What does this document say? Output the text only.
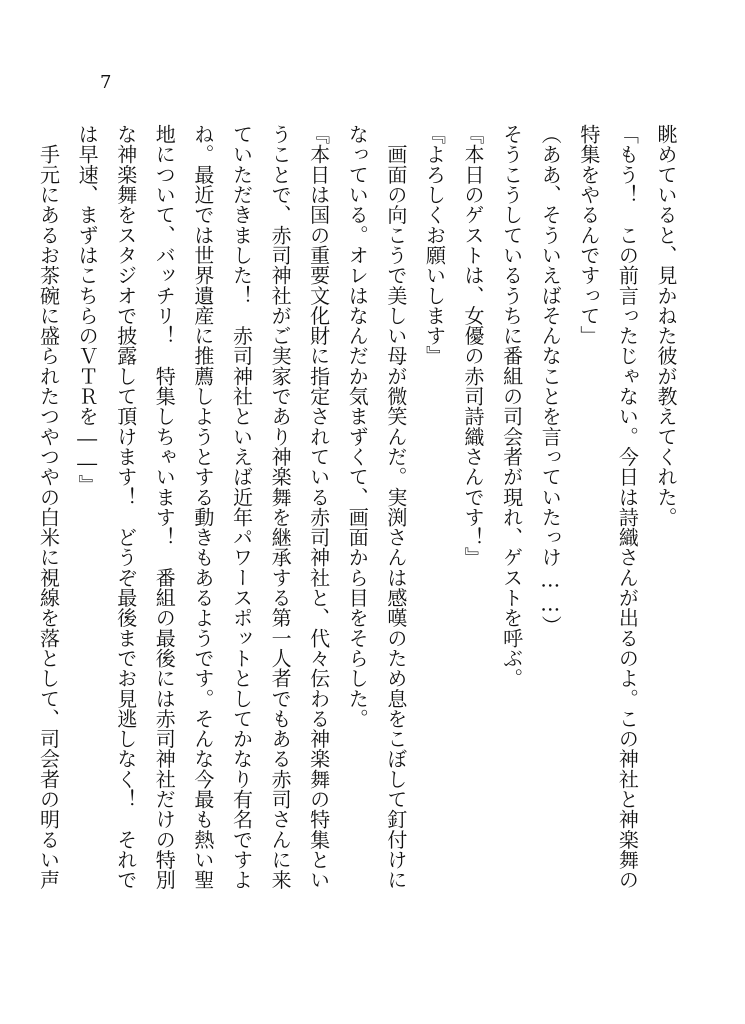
7
眺めていると、見かねた彼が教えてくれた。
「もう！　この前言ったじゃない。今日は詩織さんが出るのよ。この神社と神楽舞の
特集をやるんですって」
（ああ、そういえばそんなことを言っていたっけ……）
そうこうしているうちに番組の司会者が現れ、ゲストを呼ぶ。
『本日のゲストは、女優の赤司詩織さんです！』
『よろしくお願いします』
　画面の向こうで美しい母が微笑んだ。実渕さんは感嘆のため息をこぼして釘付けに
なっている。オレはなんだか気まずくて、画面から目をそらした。
『本日は国の重要文化財に指定されている赤司神社と、代々伝わる神楽舞の特集とい
うことで、赤司神社がご実家であり神楽舞を継承する第一人者でもある赤司さんに来
ていただきました！　赤司神社といえば近年パワースポットとしてかなり有名ですよ
ね。最近では世界遺産に推薦しようとする動きもあるようです。そんな今最も熱い聖
地について、バッチリ！　特集しちゃいます！　番組の最後には赤司神社だけの特別
な神楽舞をスタジオで披露して頂けます！　どうぞ最後までお見逃しなく！　それで
は早速、まずはこちらのＶＴＲを――』
　手元にあるお茶碗に盛られたつやつやの白米に視線を落として、司会者の明るい声
